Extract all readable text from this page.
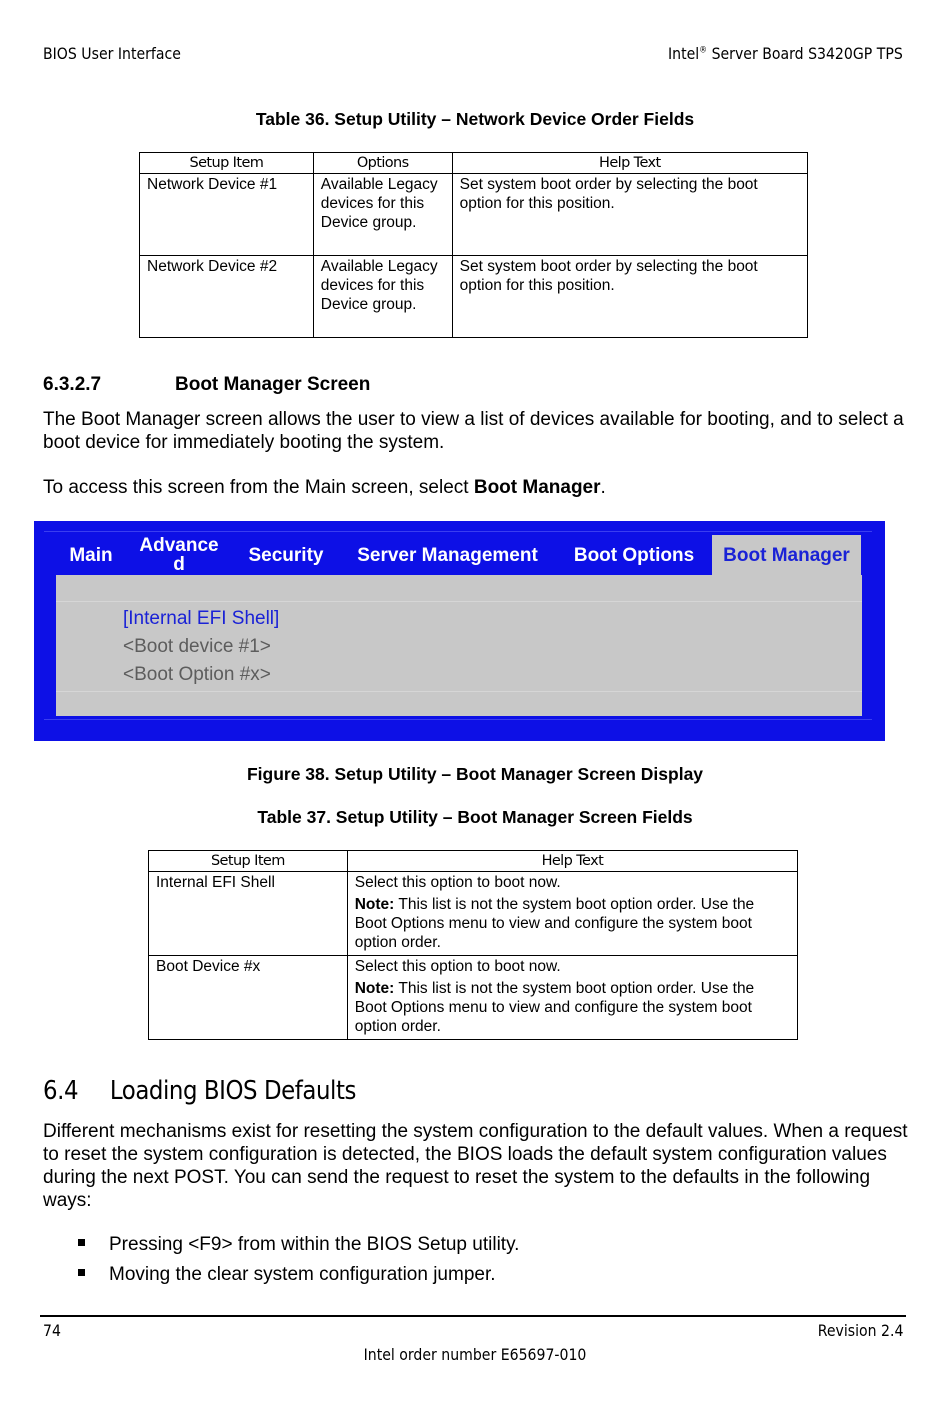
BIOS User Interface	Intel® Server Board S3420GP TPS
Table 36. Setup Utility – Network Device Order Fields
Setup Item	Options	Help Text
Network Device #1	Available Legacy devices for this Device group.	Set system boot order by selecting the boot option for this position.
Network Device #2	Available Legacy devices for this Device group.	Set system boot order by selecting the boot option for this position.
6.3.2.7	Boot Manager Screen
The Boot Manager screen allows the user to view a list of devices available for booting, and to select a boot device for immediately booting the system.
To access this screen from the Main screen, select Boot Manager.
Main	Advance d	Security	Server Management	Boot Options	Boot Manager
[Internal EFI Shell]
<Boot device #1>
<Boot Option #x>
Figure 38. Setup Utility – Boot Manager Screen Display
Table 37. Setup Utility – Boot Manager Screen Fields
Setup Item	Help Text
Internal EFI Shell	Select this option to boot now.
Note: This list is not the system boot option order. Use the Boot Options menu to view and configure the system boot option order.

Boot Device #x	Select this option to boot now.
Note: This list is not the system boot option order. Use the Boot Options menu to view and configure the system boot option order.
6.4 Loading BIOS Defaults
Different mechanisms exist for resetting the system configuration to the default values. When a request to reset the system configuration is detected, the BIOS loads the default system configuration values during the next POST. You can send the request to reset the system to the defaults in the following ways:
Pressing <F9> from within the BIOS Setup utility.
Moving the clear system configuration jumper.
74	Revision 2.4
Intel order number E65697-010
